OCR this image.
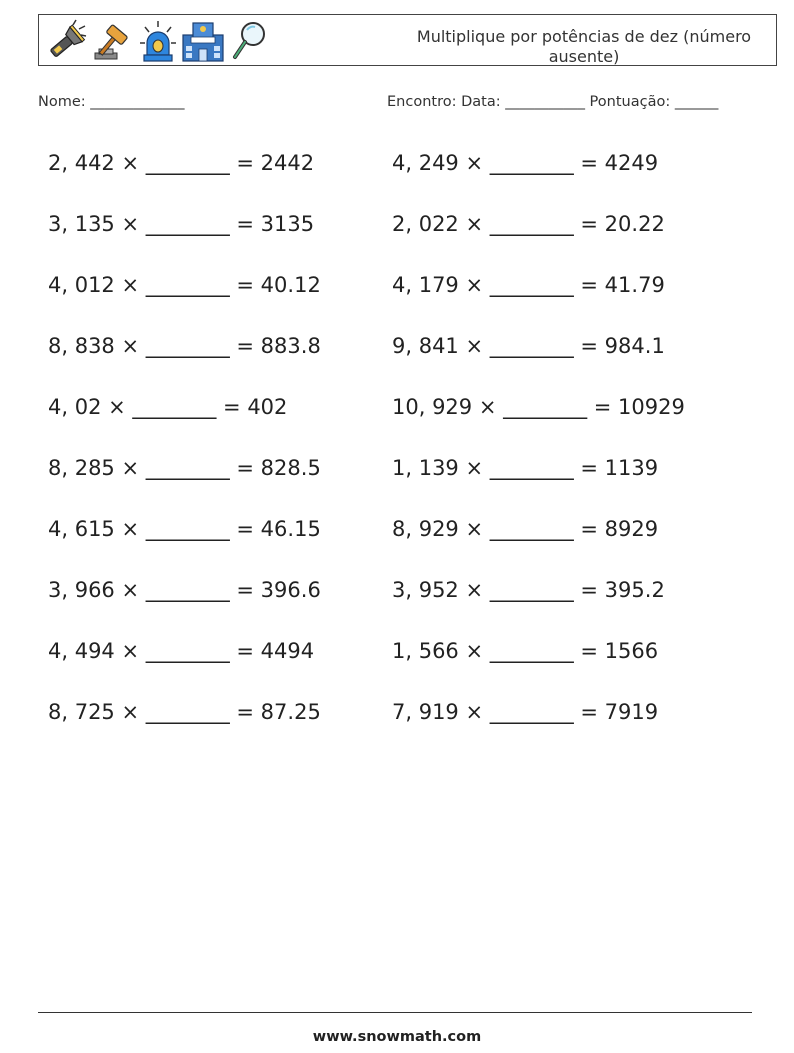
Multiplique por potências de dez (número ausente)
Nome: _____________	Encontro: Data: ___________ Pontuação: ______
2, 442 × ________ = 2442
3, 135 × ________ = 3135
4, 012 × ________ = 40.12
8, 838 × ________ = 883.8
4, 02 × ________ = 402
8, 285 × ________ = 828.5
4, 615 × ________ = 46.15
3, 966 × ________ = 396.6
4, 494 × ________ = 4494
8, 725 × ________ = 87.25
4, 249 × ________ = 4249
2, 022 × ________ = 20.22
4, 179 × ________ = 41.79
9, 841 × ________ = 984.1
10, 929 × ________ = 10929
1, 139 × ________ = 1139
8, 929 × ________ = 8929
3, 952 × ________ = 395.2
1, 566 × ________ = 1566
7, 919 × ________ = 7919
www.snowmath.com
